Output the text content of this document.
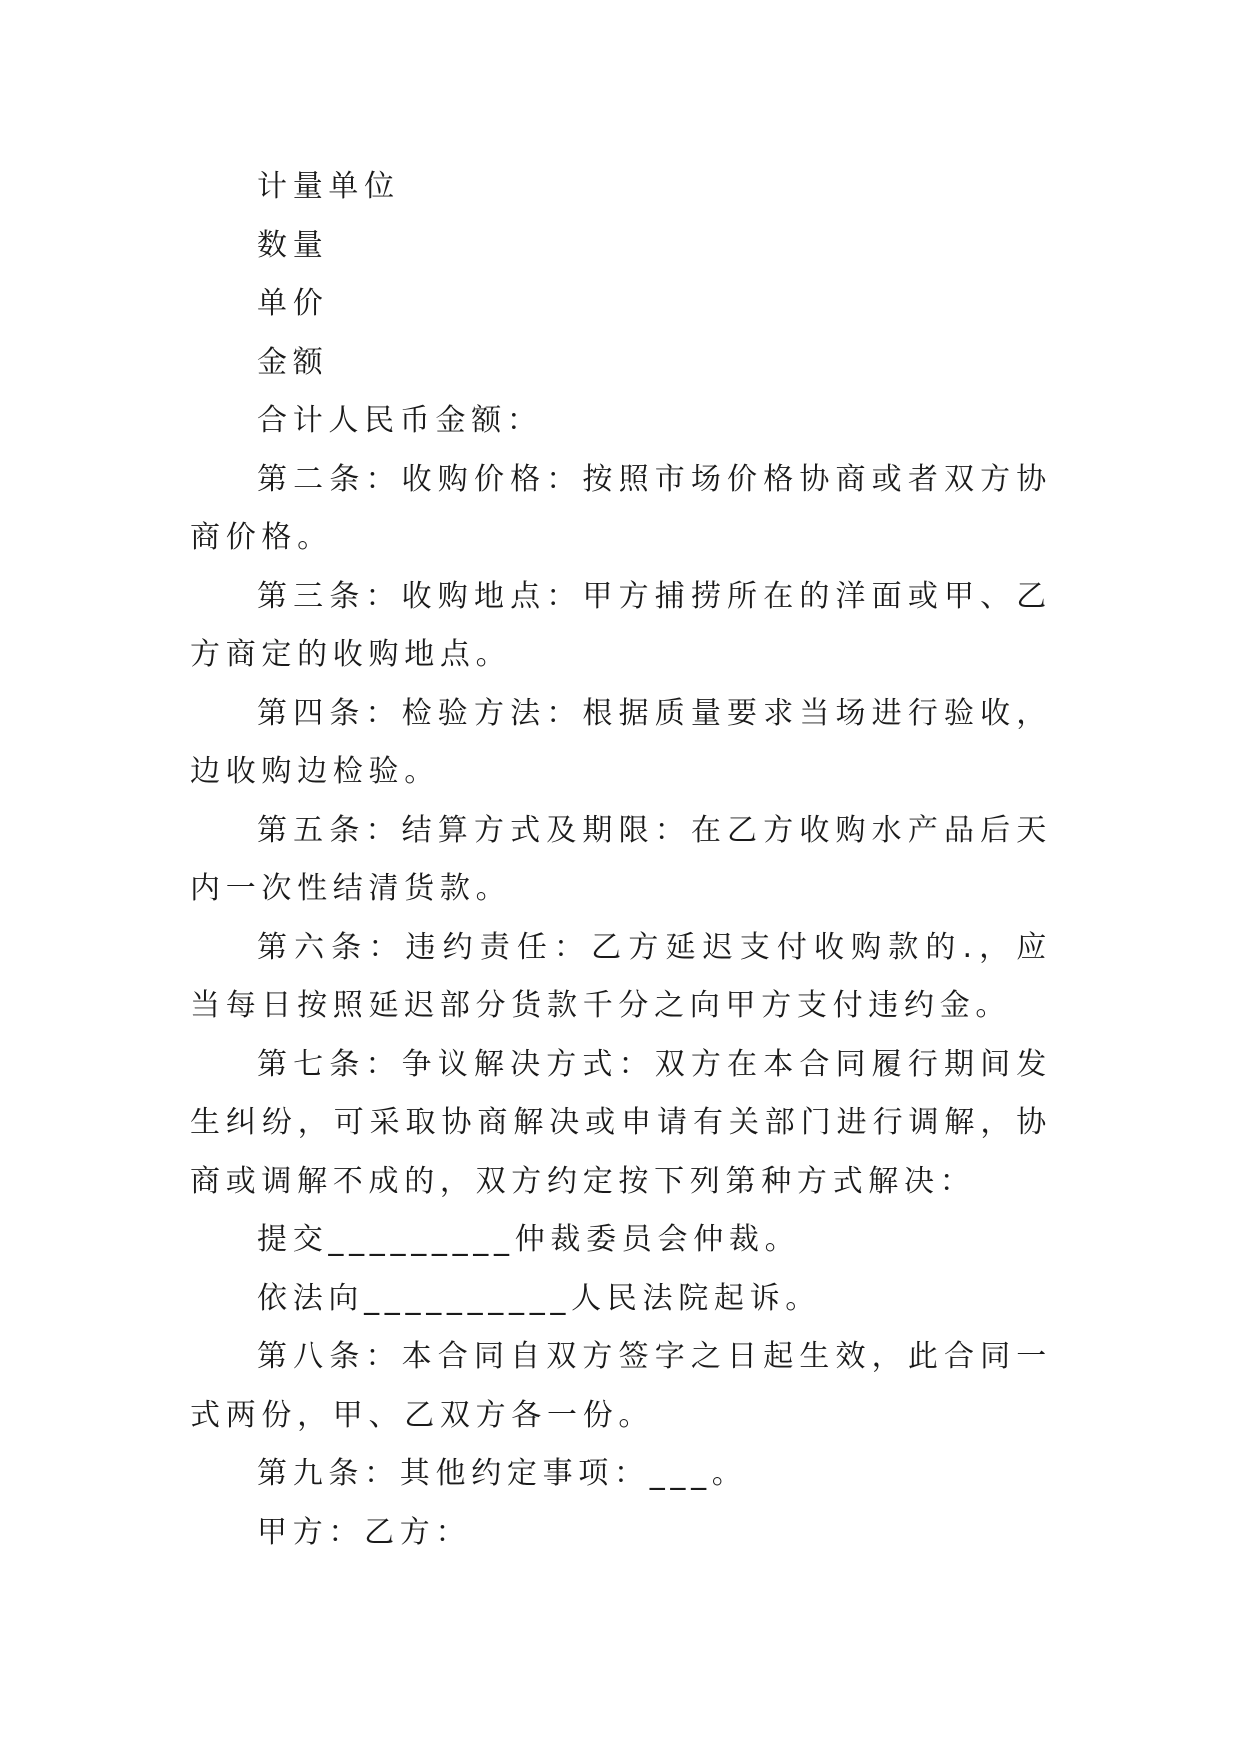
计量单位

数量

单价

金额

合计人民币金额：

第二条：收购价格：按照市场价格协商或者双方协商价格。

第三条：收购地点：甲方捕捞所在的洋面或甲、乙方商定的收购地点。

第四条：检验方法：根据质量要求当场进行验收，边收购边检验。

第五条：结算方式及期限：在乙方收购水产品后天内一次性结清货款。

第六条：违约责任：乙方延迟支付收购款的.，应当每日按照延迟部分货款千分之向甲方支付违约金。

第七条：争议解决方式：双方在本合同履行期间发生纠纷，可采取协商解决或申请有关部门进行调解，协商或调解不成的，双方约定按下列第种方式解决：

提交_________仲裁委员会仲裁。

依法向__________人民法院起诉。

第八条：本合同自双方签字之日起生效，此合同一式两份，甲、乙双方各一份。

第九条：其他约定事项：___。

甲方：乙方：
